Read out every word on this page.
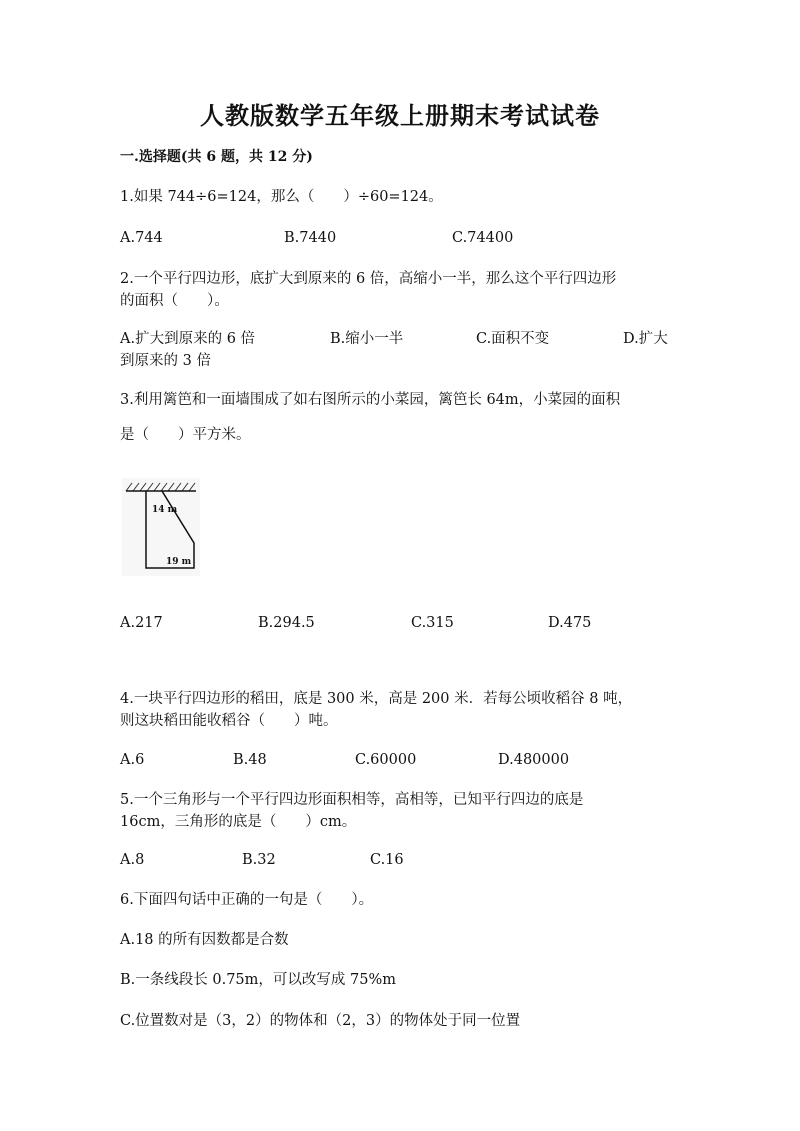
人教版数学五年级上册期末考试试卷
一.选择题(共 6 题，共 12 分)
1.如果 744÷6=124，那么（　　）÷60=124。
A.744	B.7440	C.74400
2.一个平行四边形，底扩大到原来的 6 倍，高缩小一半，那么这个平行四边形
的面积（　　）。
A.扩大到原来的 6 倍	B.缩小一半	C.面积不变	D.扩大
到原来的 3 倍
3.利用篱笆和一面墙围成了如右图所示的小菜园，篱笆长 64m，小菜园的面积
是（　　）平方米。
14 m
19 m
A.217	B.294.5	C.315	D.475
4.一块平行四边形的稻田，底是 300 米，高是 200 米．若每公顷收稻谷 8 吨，
则这块稻田能收稻谷（　　）吨。
A.6	B.48	C.60000	D.480000
5.一个三角形与一个平行四边形面积相等，高相等，已知平行四边的底是
16cm，三角形的底是（　　）cm。
A.8	B.32	C.16
6.下面四句话中正确的一句是（　　）。
A.18 的所有因数都是合数
B.一条线段长 0.75m，可以改写成 75%m
C.位置数对是（3，2）的物体和（2，3）的物体处于同一位置
